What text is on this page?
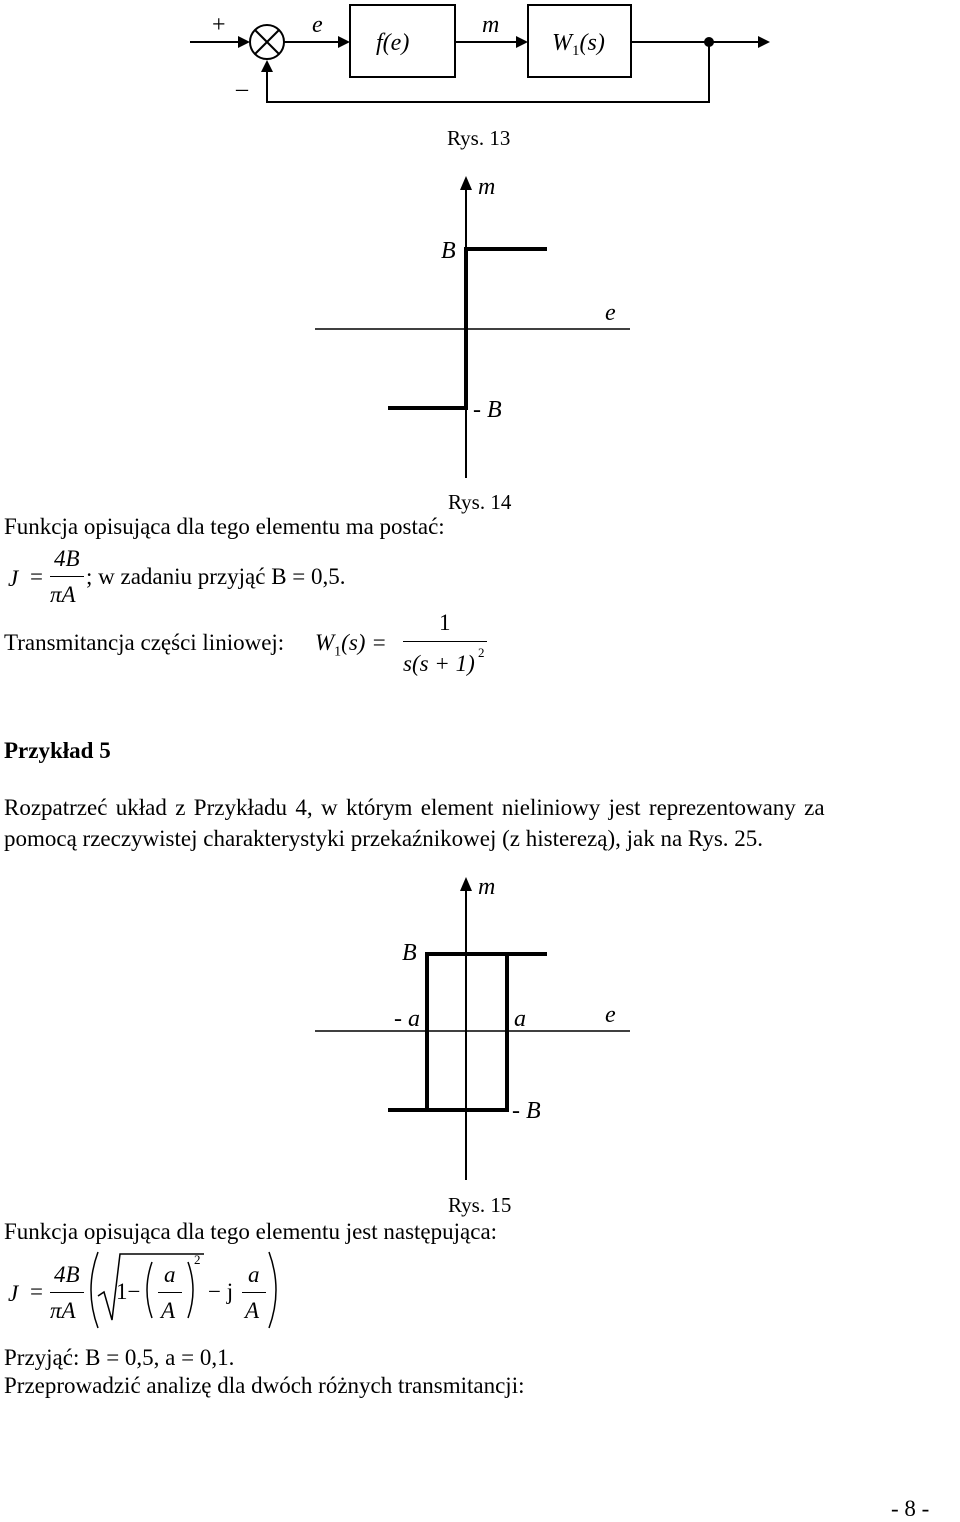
+
–
e
f(e)
m
$W_1(s)$
Rys. 13
m
e
B
- B
Rys. 14
Funkcja opisująca dla tego elementu ma postać:
J =
4B
πA
; w zadaniu przyjąć B = 0,5.
Transmitancja części liniowej: $W_1(s)$ =
1
s(s + 1) 2
Przykład 5
Rozpatrzeć układ z Przykładu 4, w którym element nieliniowy jest reprezentowany za
pomocą rzeczywistej charakterystyki przekaźnikowej (z histerezą), jak na Rys. 25.
m
e
B
- a	a
- B
Rys. 15
Funkcja opisująca dla tego elementu jest następująca:
J =
4B
πA
2
1−
a
A
− j
a
A
Przyjąć: B = 0,5, a = 0,1.
Przeprowadzić analizę dla dwóch różnych transmitancji:
- 8 -
